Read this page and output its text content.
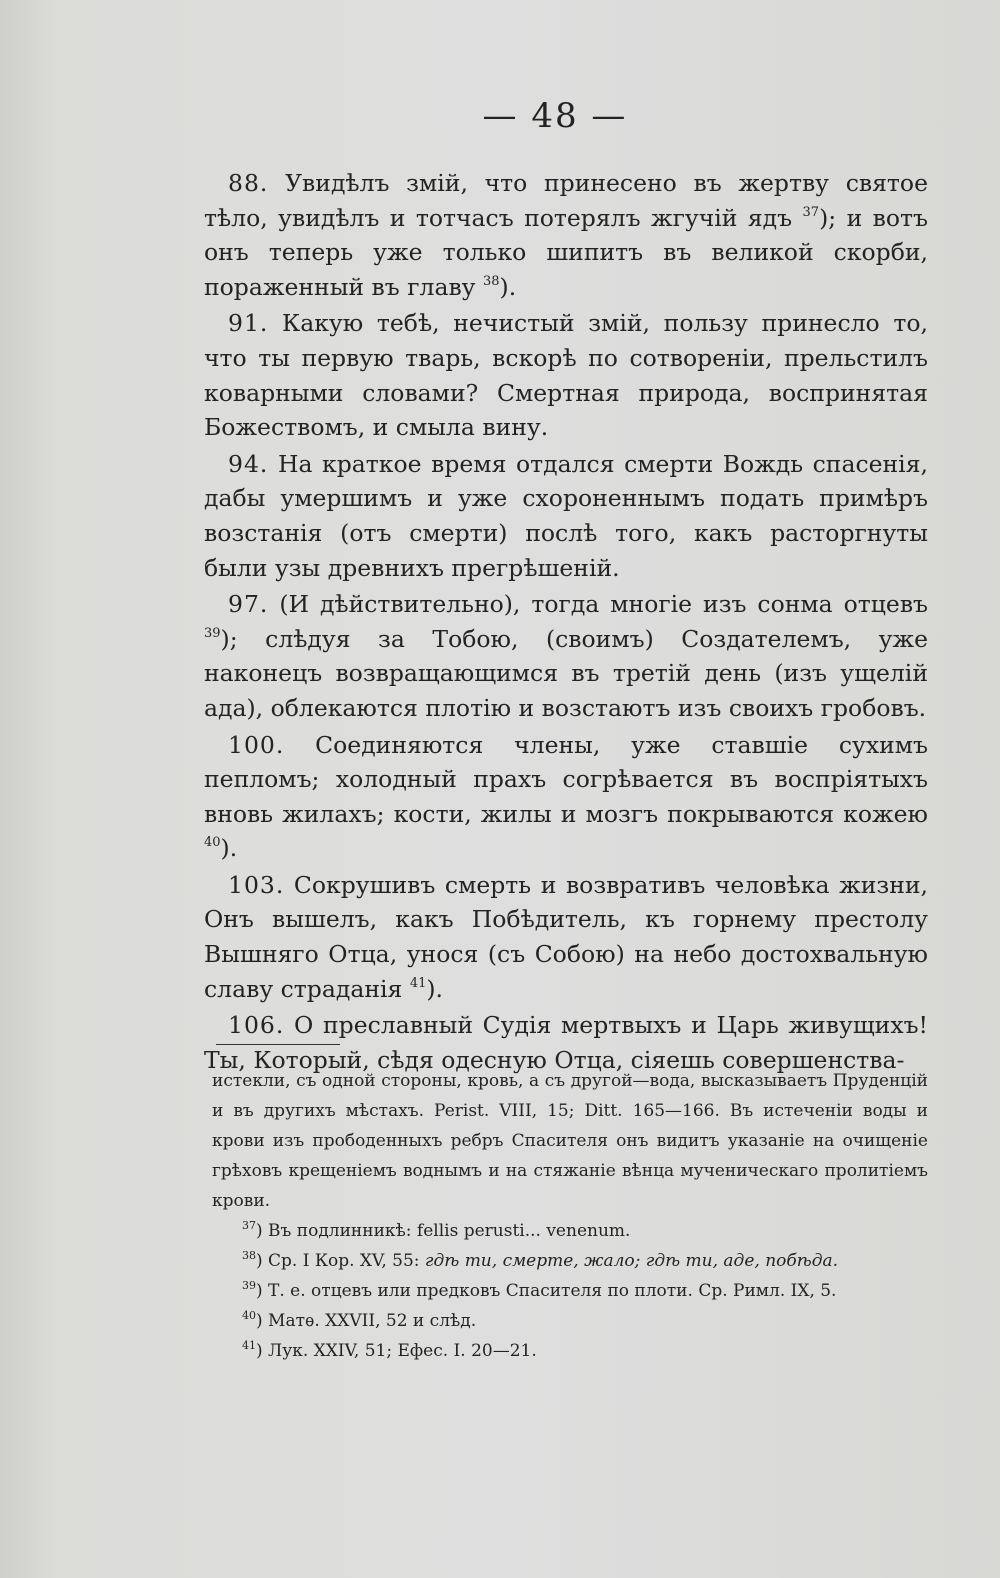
— 48 —

88. Увидѣлъ змій, что принесено въ жертву святое тѣло, увидѣлъ и тотчасъ потерялъ жгучій ядъ $^{37}$); и вотъ онъ теперь уже только шипитъ въ великой скорби, пораженный въ главу $^{38}$).

91. Какую тебѣ, нечистый змій, пользу принесло то, что ты первую тварь, вскорѣ по сотвореніи, прельстилъ коварными словами? Смертная природа, воспринятая Божествомъ, и смыла вину.

94. На краткое время отдался смерти Вождь спасенія, дабы умершимъ и уже схороненнымъ подать примѣръ возстанія (отъ смерти) послѣ того, какъ расторгнуты были узы древнихъ прегрѣшеній.

97. (И дѣйствительно), тогда многіе изъ сонма отцевъ $^{39}$); слѣдуя за Тобою, (своимъ) Создателемъ, уже наконецъ возвращающимся въ третій день (изъ ущелій ада), облекаются плотію и возстаютъ изъ своихъ гробовъ.

100. Соединяются члены, уже ставшіе сухимъ пепломъ; холодный прахъ согрѣвается въ воспріятыхъ вновь жилахъ; кости, жилы и мозгъ покрываются кожею $^{40}$).

103. Сокрушивъ смерть и возвративъ человѣка жизни, Онъ вышелъ, какъ Побѣдитель, къ горнему престолу Вышняго Отца, унося (съ Собою) на небо достохвальную славу страданія $^{41}$).

106. О преславный Судія мертвыхъ и Царь живущихъ! Ты, Который, сѣдя одесную Отца, сіяешь совершенства-

истекли, съ одной стороны, кровь, а съ другой—вода, высказываетъ Пруденцій и въ другихъ мѣстахъ. Perist. VIII, 15; Ditt. 165—166. Въ истеченіи воды и крови изъ прободенныхъ ребръ Спасителя онъ видитъ указаніе на очищеніе грѣховъ крещеніемъ воднымъ и на стяжаніе вѣнца мученическаго пролитіемъ крови.

$^{37}$) Въ подлинникѣ: fellis perusti... venenum.

$^{38}$) Ср. I Кор. XV, 55: гдѣ ти, смерте, жало; гдѣ ти, аде, побѣда.

$^{39}$) Т. е. отцевъ или предковъ Спасителя по плоти. Ср. Римл. IX, 5.

$^{40}$) Матѳ. XXVII, 52 и слѣд.

$^{41}$) Лук. XXIV, 51; Ефес. I. 20—21.
